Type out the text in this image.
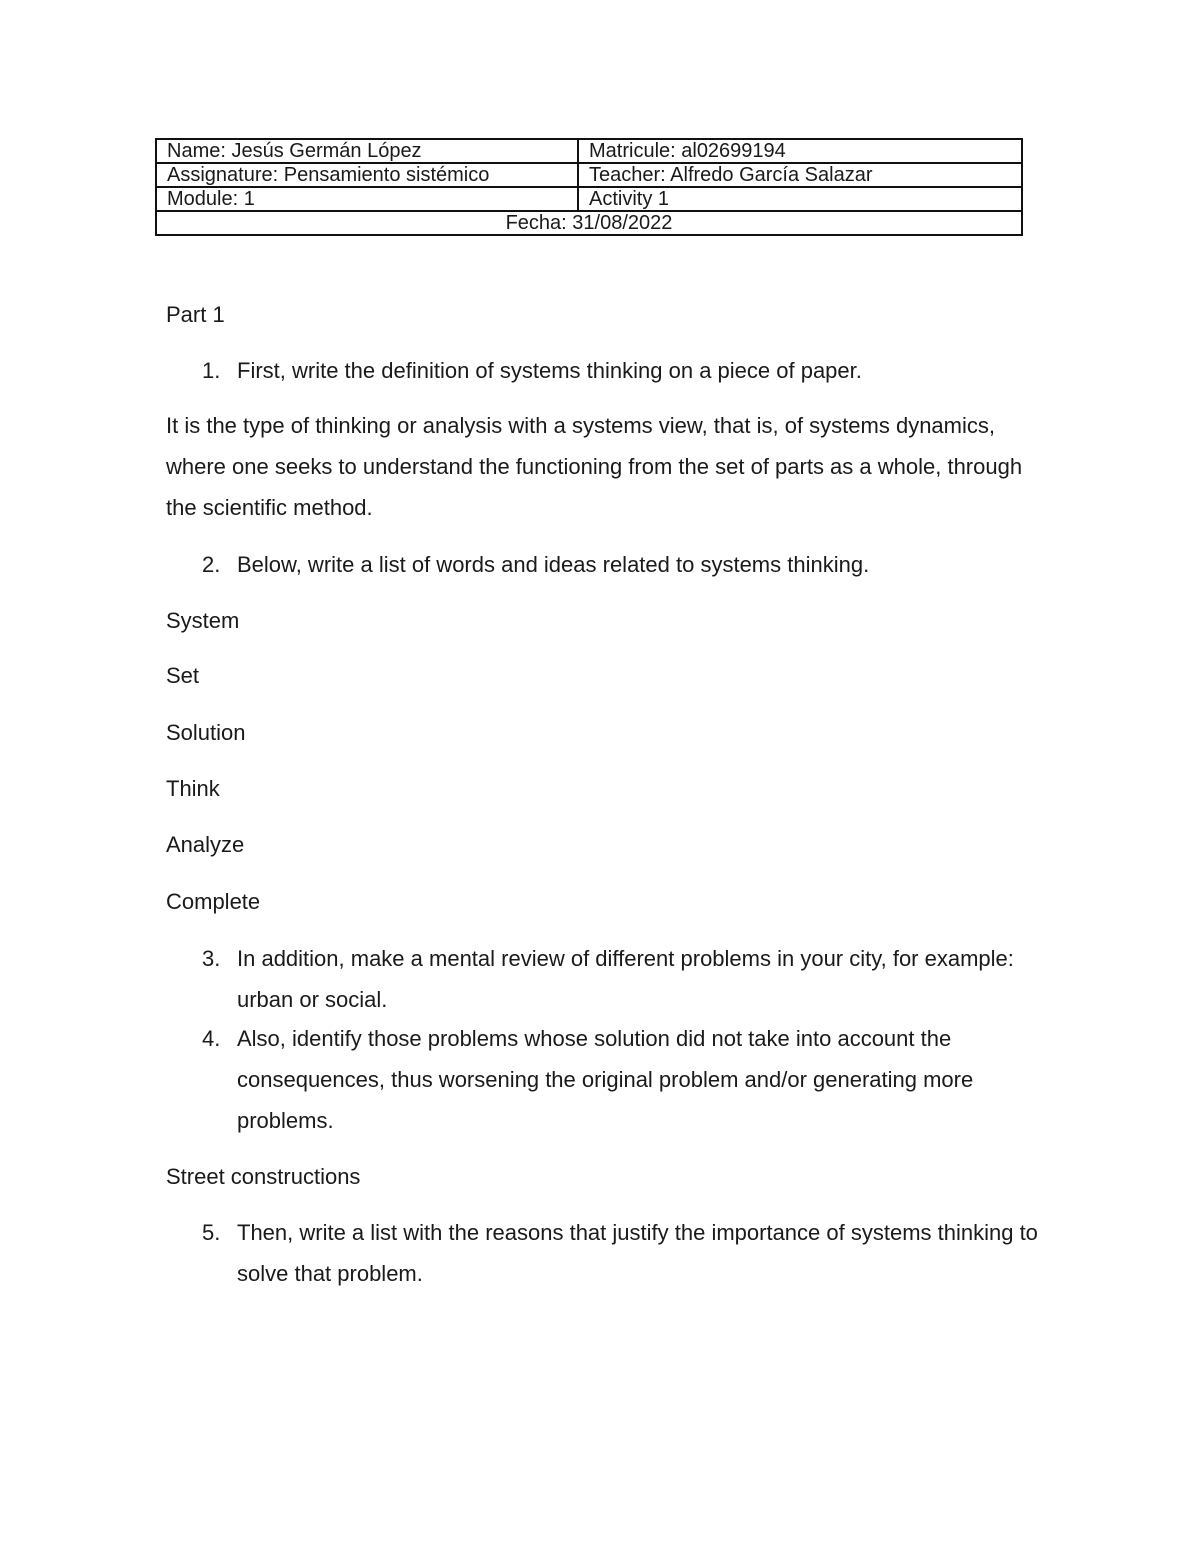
Name: Jesús Germán López	Matricule: al02699194
Assignature: Pensamiento sistémico	Teacher: Alfredo García Salazar
Module: 1	Activity 1
Fecha: 31/08/2022	

Part 1

1. First, write the definition of systems thinking on a piece of paper.

It is the type of thinking or analysis with a systems view, that is, of systems dynamics, where one seeks to understand the functioning from the set of parts as a whole, through the scientific method.

2. Below, write a list of words and ideas related to systems thinking.

System

Set

Solution

Think

Analyze

Complete

3. In addition, make a mental review of different problems in your city, for example: urban or social.
4. Also, identify those problems whose solution did not take into account the consequences, thus worsening the original problem and/or generating more problems.

Street constructions

5. Then, write a list with the reasons that justify the importance of systems thinking to solve that problem.
